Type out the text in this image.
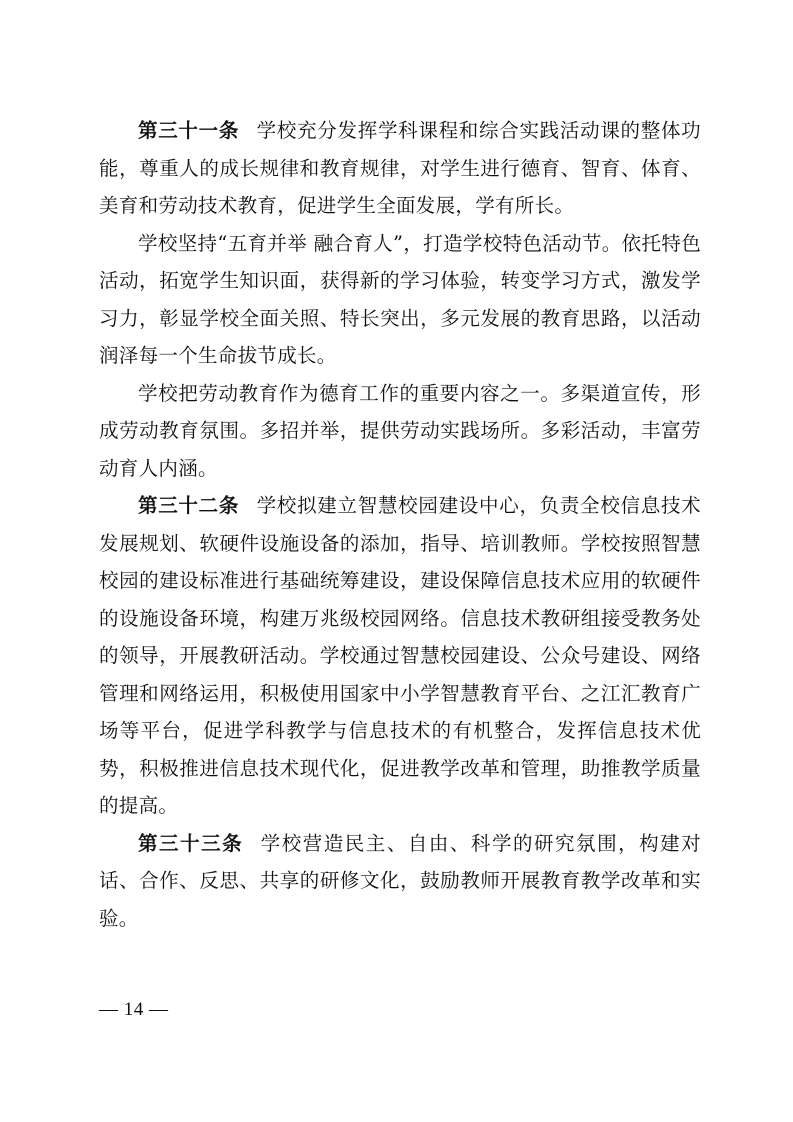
第三十一条 学校充分发挥学科课程和综合实践活动课的整体功能，尊重人的成长规律和教育规律，对学生进行德育、智育、体育、美育和劳动技术教育，促进学生全面发展，学有所长。

学校坚持“五育并举 融合育人”，打造学校特色活动节。依托特色活动，拓宽学生知识面，获得新的学习体验，转变学习方式，激发学习力，彰显学校全面关照、特长突出，多元发展的教育思路，以活动润泽每一个生命拔节成长。

学校把劳动教育作为德育工作的重要内容之一。多渠道宣传，形成劳动教育氛围。多招并举，提供劳动实践场所。多彩活动，丰富劳动育人内涵。

第三十二条 学校拟建立智慧校园建设中心，负责全校信息技术发展规划、软硬件设施设备的添加，指导、培训教师。学校按照智慧校园的建设标准进行基础统筹建设，建设保障信息技术应用的软硬件的设施设备环境，构建万兆级校园网络。信息技术教研组接受教务处的领导，开展教研活动。学校通过智慧校园建设、公众号建设、网络管理和网络运用，积极使用国家中小学智慧教育平台、之江汇教育广场等平台，促进学科教学与信息技术的有机整合，发挥信息技术优势，积极推进信息技术现代化，促进教学改革和管理，助推教学质量的提高。

第三十三条 学校营造民主、自由、科学的研究氛围，构建对话、合作、反思、共享的研修文化，鼓励教师开展教育教学改革和实验。

— 14 —
